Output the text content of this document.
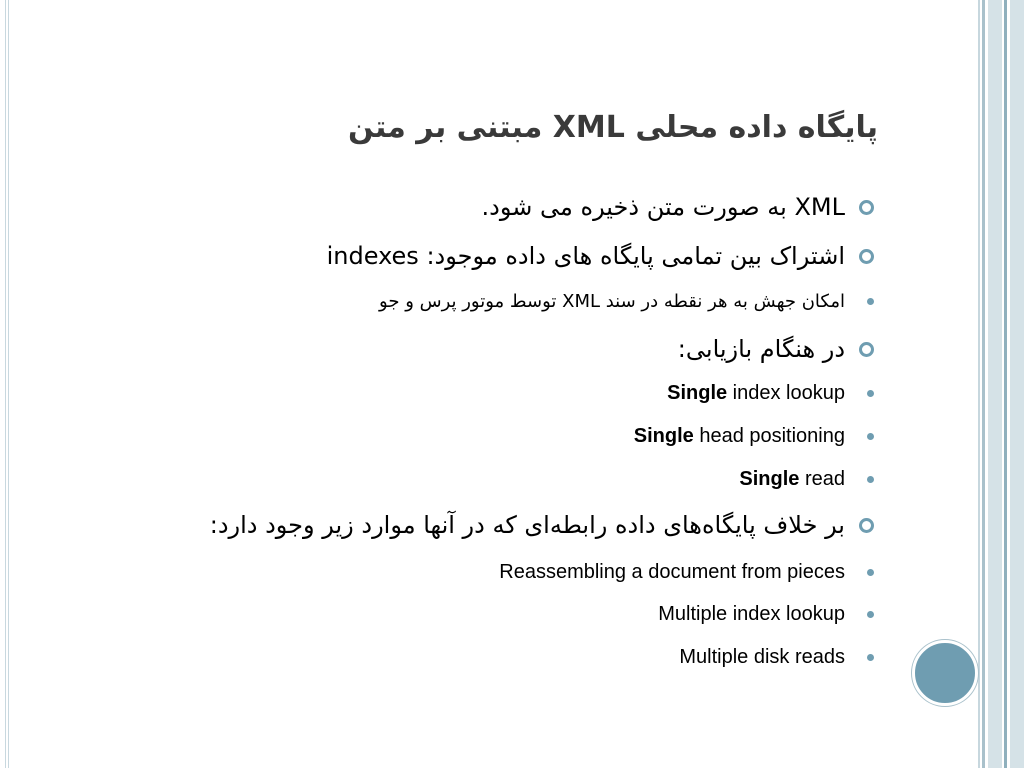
پایگاه داده محلی XML مبتنی بر متن
XML به صورت متن ذخیره می شود.
اشتراک بین تمامی پایگاه های داده موجود: indexes
امکان جهش به هر نقطه در سند XML توسط موتور پرس و جو
در هنگام بازیابی:
Single index lookup
Single head positioning
Single read
بر خلاف پایگاه‌های داده رابطه‌ای که در آنها موارد زیر وجود دارد:
Reassembling a document from pieces
Multiple index lookup
Multiple disk reads
